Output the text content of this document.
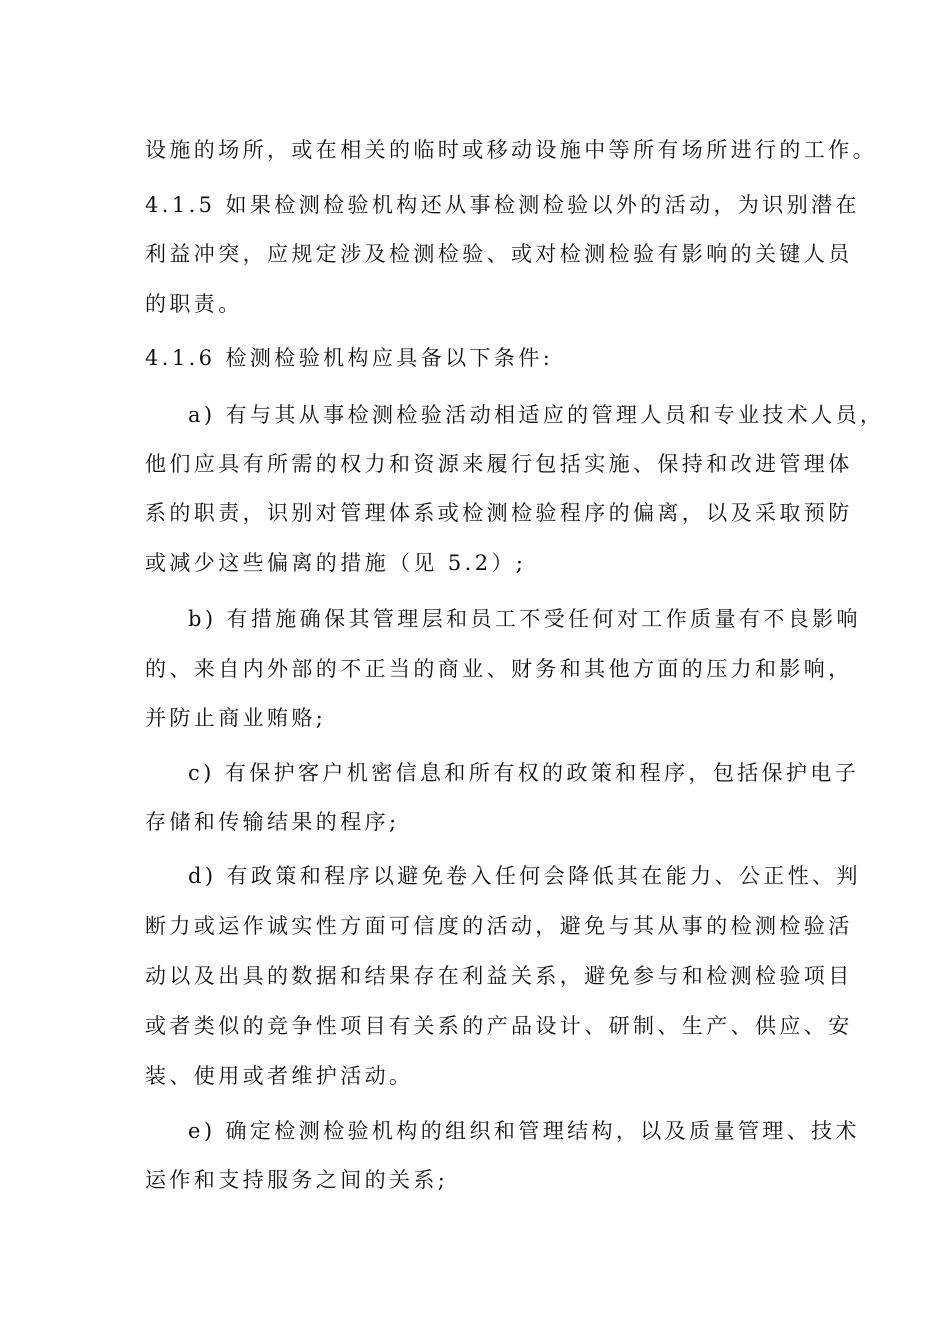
设施的场所，或在相关的临时或移动设施中等所有场所进行的工作。
4.1.5 如果检测检验机构还从事检测检验以外的活动，为识别潜在
利益冲突，应规定涉及检测检验、或对检测检验有影响的关键人员
的职责。
4.1.6 检测检验机构应具备以下条件:
a) 有与其从事检测检验活动相适应的管理人员和专业技术人员，
他们应具有所需的权力和资源来履行包括实施、保持和改进管理体
系的职责，识别对管理体系或检测检验程序的偏离，以及采取预防
或减少这些偏离的措施（见 5.2）;
b) 有措施确保其管理层和员工不受任何对工作质量有不良影响
的、来自内外部的不正当的商业、财务和其他方面的压力和影响，
并防止商业贿赂;
c) 有保护客户机密信息和所有权的政策和程序，包括保护电子
存储和传输结果的程序;
d) 有政策和程序以避免卷入任何会降低其在能力、公正性、判
断力或运作诚实性方面可信度的活动，避免与其从事的检测检验活
动以及出具的数据和结果存在利益关系，避免参与和检测检验项目
或者类似的竞争性项目有关系的产品设计、研制、生产、供应、安
装、使用或者维护活动。
e) 确定检测检验机构的组织和管理结构，以及质量管理、技术
运作和支持服务之间的关系;
